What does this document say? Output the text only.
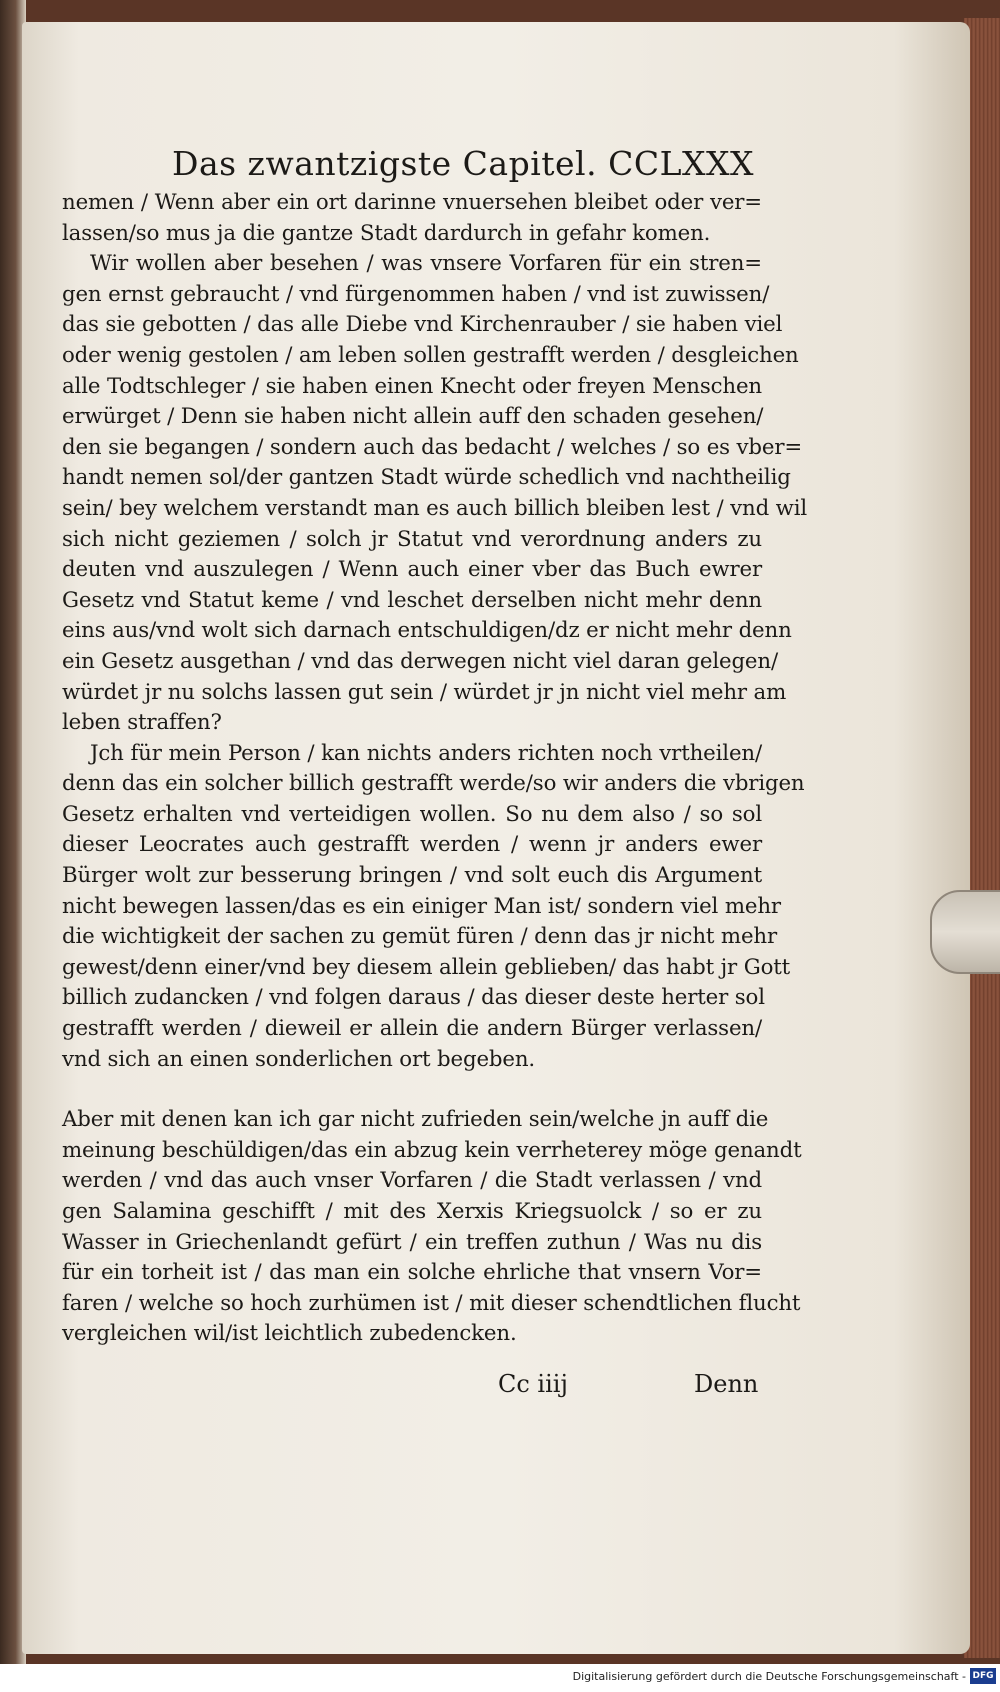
Das zwantzigste Capitel. CCLXXX
nemen / Wenn aber ein ort darinne vnuersehen bleibet oder ver=
lassen/so mus ja die gantze Stadt dardurch in gefahr komen.
Wir wollen aber besehen / was vnsere Vorfaren für ein stren=
gen ernst gebraucht / vnd fürgenommen haben / vnd ist zuwissen/
das sie gebotten / das alle Diebe vnd Kirchenrauber / sie haben viel
oder wenig gestolen / am leben sollen gestrafft werden / desgleichen
alle Todtschleger / sie haben einen Knecht oder freyen Menschen
erwürget / Denn sie haben nicht allein auff den schaden gesehen/
den sie begangen / sondern auch das bedacht / welches / so es vber=
handt nemen sol/der gantzen Stadt würde schedlich vnd nachtheilig
sein/ bey welchem verstandt man es auch billich bleiben lest / vnd wil
sich nicht geziemen / solch jr Statut vnd verordnung anders zu
deuten vnd auszulegen / Wenn auch einer vber das Buch ewrer
Gesetz vnd Statut keme / vnd leschet derselben nicht mehr denn
eins aus/vnd wolt sich darnach entschuldigen/dz er nicht mehr denn
ein Gesetz ausgethan / vnd das derwegen nicht viel daran gelegen/
würdet jr nu solchs lassen gut sein / würdet jr jn nicht viel mehr am
leben straffen?
Jch für mein Person / kan nichts anders richten noch vrtheilen/
denn das ein solcher billich gestrafft werde/so wir anders die vbrigen
Gesetz erhalten vnd verteidigen wollen. So nu dem also / so sol
dieser Leocrates auch gestrafft werden / wenn jr anders ewer
Bürger wolt zur besserung bringen / vnd solt euch dis Argument
nicht bewegen lassen/das es ein einiger Man ist/ sondern viel mehr
die wichtigkeit der sachen zu gemüt füren / denn das jr nicht mehr
gewest/denn einer/vnd bey diesem allein geblieben/ das habt jr Gott
billich zudancken / vnd folgen daraus / das dieser deste herter sol
gestrafft werden / dieweil er allein die andern Bürger verlassen/
vnd sich an einen sonderlichen ort begeben.
Aber mit denen kan ich gar nicht zufrieden sein/welche jn auff die
meinung beschüldigen/das ein abzug kein verrheterey möge genandt
werden / vnd das auch vnser Vorfaren / die Stadt verlassen / vnd
gen Salamina geschifft / mit des Xerxis Kriegsuolck / so er zu
Wasser in Griechenlandt gefürt / ein treffen zuthun / Was nu dis
für ein torheit ist / das man ein solche ehrliche that vnsern Vor=
faren / welche so hoch zurhümen ist / mit dieser schendtlichen flucht
vergleichen wil/ist leichtlich zubedencken.
Cc iiij	Denn
Digitalisierung gefördert durch die Deutsche Forschungsgemeinschaft - DFG
